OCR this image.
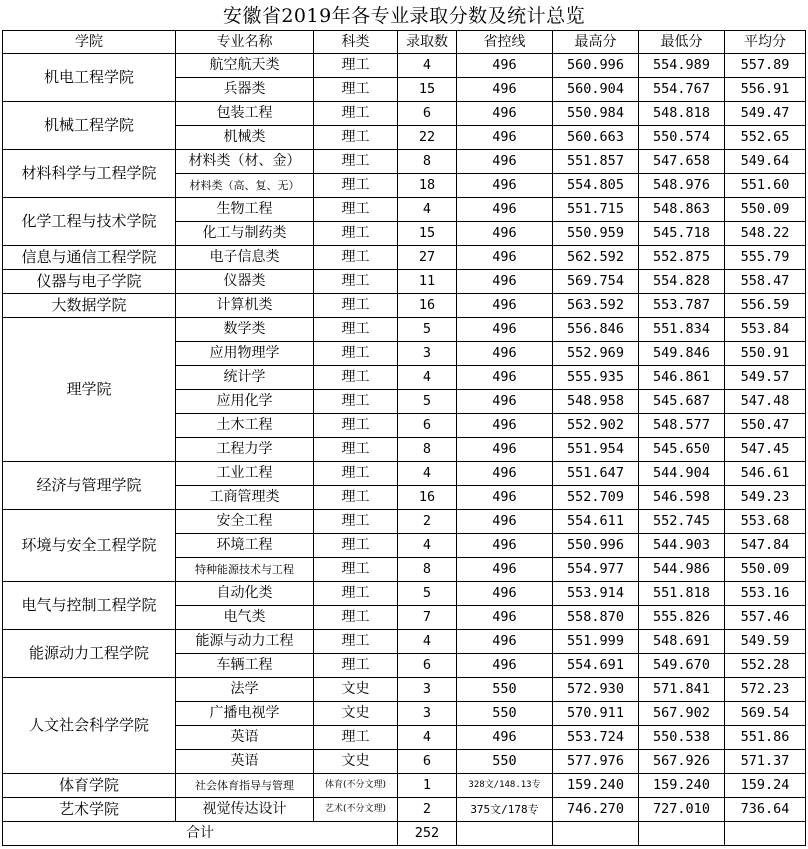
安徽省2019年各专业录取分数及统计总览
学院	专业名称	科类	录取数	省控线	最高分	最低分	平均分
机电工程学院	航空航天类	理工	4	496	560.996	554.989	557.89
	兵器类	理工	15	496	560.904	554.767	556.91
机械工程学院	包装工程	理工	6	496	550.984	548.818	549.47
	机械类	理工	22	496	560.663	550.574	552.65
材料科学与工程学院	材料类（材、金）	理工	8	496	551.857	547.658	549.64
	材料类（高、复、无）	理工	18	496	554.805	548.976	551.60
化学工程与技术学院	生物工程	理工	4	496	551.715	548.863	550.09
	化工与制药类	理工	15	496	550.959	545.718	548.22
信息与通信工程学院	电子信息类	理工	27	496	562.592	552.875	555.79
仪器与电子学院	仪器类	理工	11	496	569.754	554.828	558.47
大数据学院	计算机类	理工	16	496	563.592	553.787	556.59
理学院	数学类	理工	5	496	556.846	551.834	553.84
	应用物理学	理工	3	496	552.969	549.846	550.91
	统计学	理工	4	496	555.935	546.861	549.57
	应用化学	理工	5	496	548.958	545.687	547.48
	土木工程	理工	6	496	552.902	548.577	550.47
	工程力学	理工	8	496	551.954	545.650	547.45
经济与管理学院	工业工程	理工	4	496	551.647	544.904	546.61
	工商管理类	理工	16	496	552.709	546.598	549.23
环境与安全工程学院	安全工程	理工	2	496	554.611	552.745	553.68
	环境工程	理工	4	496	550.996	544.903	547.84
	特种能源技术与工程	理工	8	496	554.977	544.986	550.09
电气与控制工程学院	自动化类	理工	5	496	553.914	551.818	553.16
	电气类	理工	7	496	558.870	555.826	557.46
能源动力工程学院	能源与动力工程	理工	4	496	551.999	548.691	549.59
	车辆工程	理工	6	496	554.691	549.670	552.28
人文社会科学学院	法学	文史	3	550	572.930	571.841	572.23
	广播电视学	文史	3	550	570.911	567.902	569.54
	英语	理工	4	496	553.724	550.538	551.86
	英语	文史	6	550	577.976	567.926	571.37
体育学院	社会体育指导与管理	体育(不分文理)	1	328文/148.13专	159.240	159.240	159.24
艺术学院	视觉传达设计	艺术(不分文理)	2	375文/178专	746.270	727.010	736.64
合计			252				
